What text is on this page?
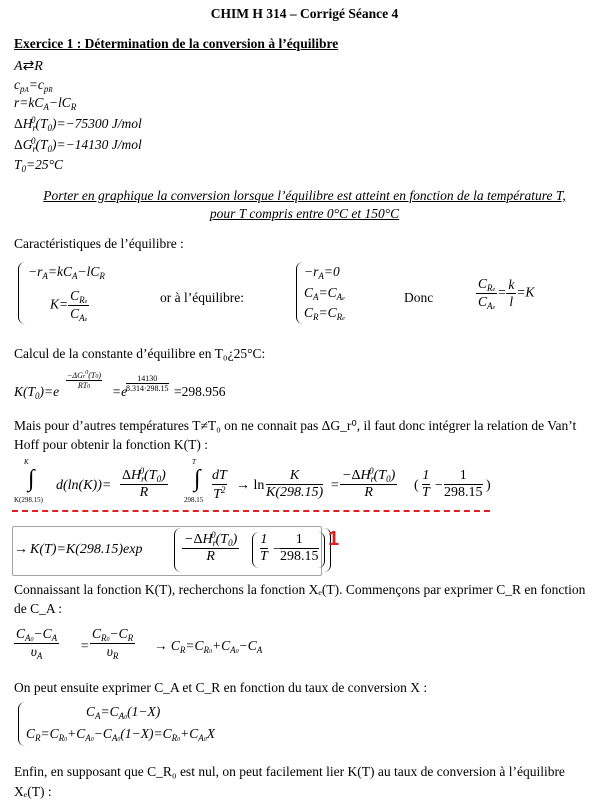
CHIM H 314 – Corrigé Séance 4
Exercice 1 : Détermination de la conversion à l’équilibre
A⇄R
$c_{pA}=c_{pR}$
$r=kC_A-lC_R$
$\Delta H_r^0(T_0)=-75300$ J/mol
$\Delta G_r^0(T_0)=-14130$ J/mol
$T_0=25^\circ C$
Porter en graphique la conversion lorsque l’équilibre est atteint en fonction de la température T,
pour T compris entre 0°C et 150°C
Caractéristiques de l’équilibre :
$-r_A=kC_A-lC_R$
$K= \frac{C_{Re}}{C_{Ae}}$	or à l’équilibre:
$-r_A=0$
$C_A=C_{Ae}$
$C_R=C_{Re}$
Donc	$\frac{C_{Re}}{C_{Ae}} = \frac{k}{l} =K$
Calcul de la constante d’équilibre en T₀¿25°C:
$K(T_0)=e$
−ΔGr$^0$(T0)
RT0	=e
14130
8.314⋅298.15 =298.956
Mais pour d’autres températures T≠T₀ on ne connait pas ΔG_r⁰, il faut donc intégrer la relation de Van’t
Hoff pour obtenir la fonction K(T) :
K
∫
K(298.15)
d(ln(K))=
$\Delta H_r^0(T_0)$
R
T
∫
298.15
dT
$T^2 \to \ln$
K
K(298.15) =
$-\Delta H_r^0(T_0)$
R	(
1
T −
1
298.15 )
→ K(T)=K(298.15)exp
$-\Delta H_r^0(T_0)$
R
1
T −
1
298.15
1
Connaissant la fonction K(T), recherchons la fonction Xₑ(T). Commençons par exprimer C_R en fonction
de C_A :
$\frac{C_{A0}-C_A}{\upsilon_A} = \frac{C_{R0}-C_R}{\upsilon_R} \to C_R=C_{R0}+C_{A0}-C_A$
On peut ensuite exprimer C_A et C_R en fonction du taux de conversion X :
$C_A=C_{A0}(1-X)$
$C_R=C_{R0}+C_{A0}-C_{A0}(1-X)=C_{R0}+C_{A0}X$
Enfin, en supposant que C_R₀ est nul, on peut facilement lier K(T) au taux de conversion à l’équilibre
Xₑ(T) :
